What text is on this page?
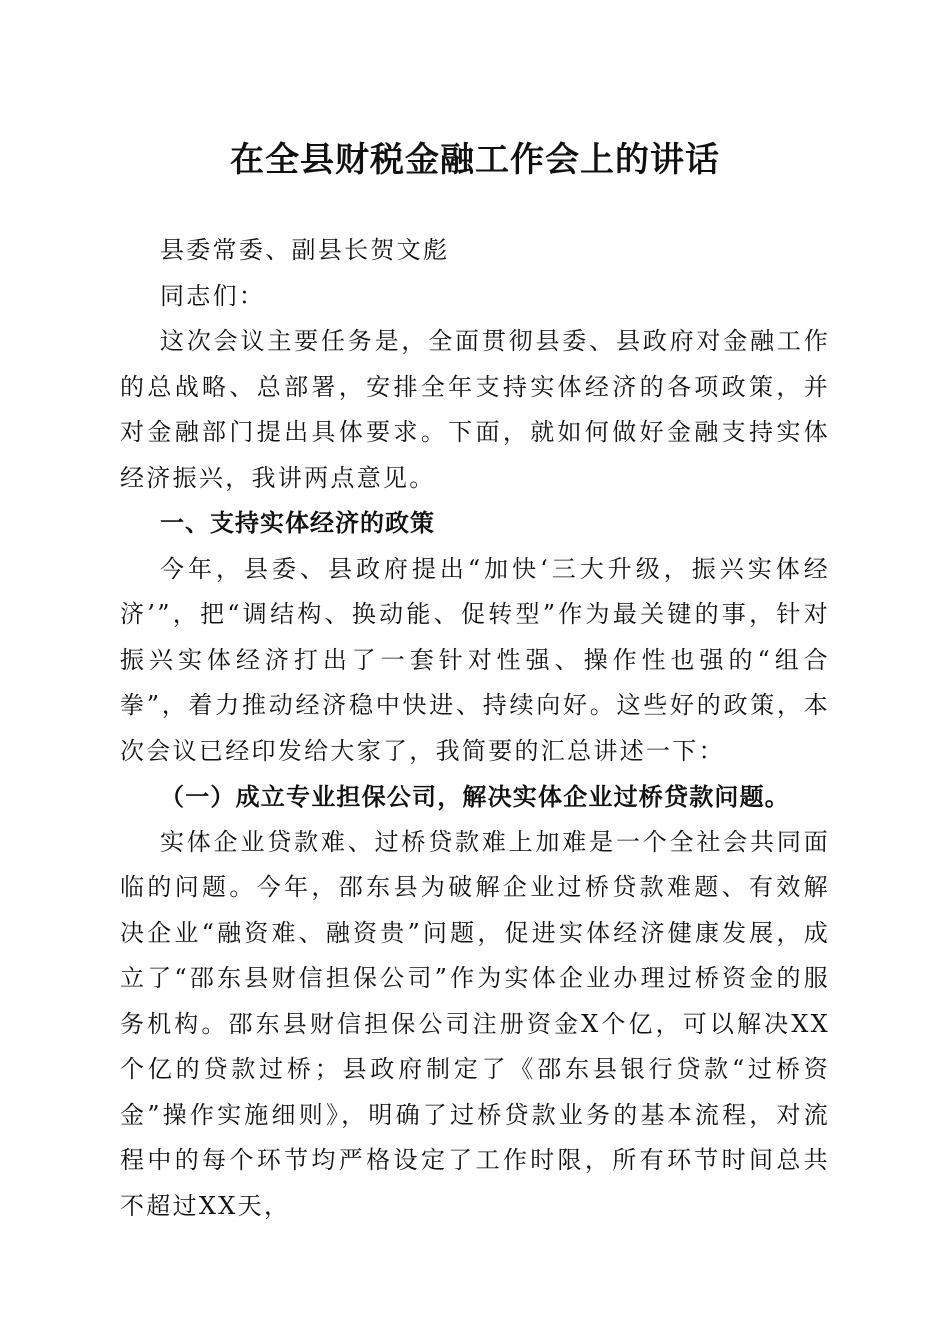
在全县财税金融工作会上的讲话

县委常委、副县长贺文彪

同志们：

这次会议主要任务是，全面贯彻县委、县政府对金融工作的总战略、总部署，安排全年支持实体经济的各项政策，并对金融部门提出具体要求。下面，就如何做好金融支持实体经济振兴，我讲两点意见。

一、支持实体经济的政策

今年，县委、县政府提出“加快‘三大升级，振兴实体经济’”，把“调结构、换动能、促转型”作为最关键的事，针对振兴实体经济打出了一套针对性强、操作性也强的“组合拳”，着力推动经济稳中快进、持续向好。这些好的政策，本次会议已经印发给大家了，我简要的汇总讲述一下：

（一）成立专业担保公司，解决实体企业过桥贷款问题。

实体企业贷款难、过桥贷款难上加难是一个全社会共同面临的问题。今年，邵东县为破解企业过桥贷款难题、有效解决企业“融资难、融资贵”问题，促进实体经济健康发展，成立了“邵东县财信担保公司”作为实体企业办理过桥资金的服务机构。邵东县财信担保公司注册资金X个亿，可以解决XX个亿的贷款过桥；县政府制定了《邵东县银行贷款“过桥资金”操作实施细则》，明确了过桥贷款业务的基本流程，对流程中的每个环节均严格设定了工作时限，所有环节时间总共不超过XX天，
